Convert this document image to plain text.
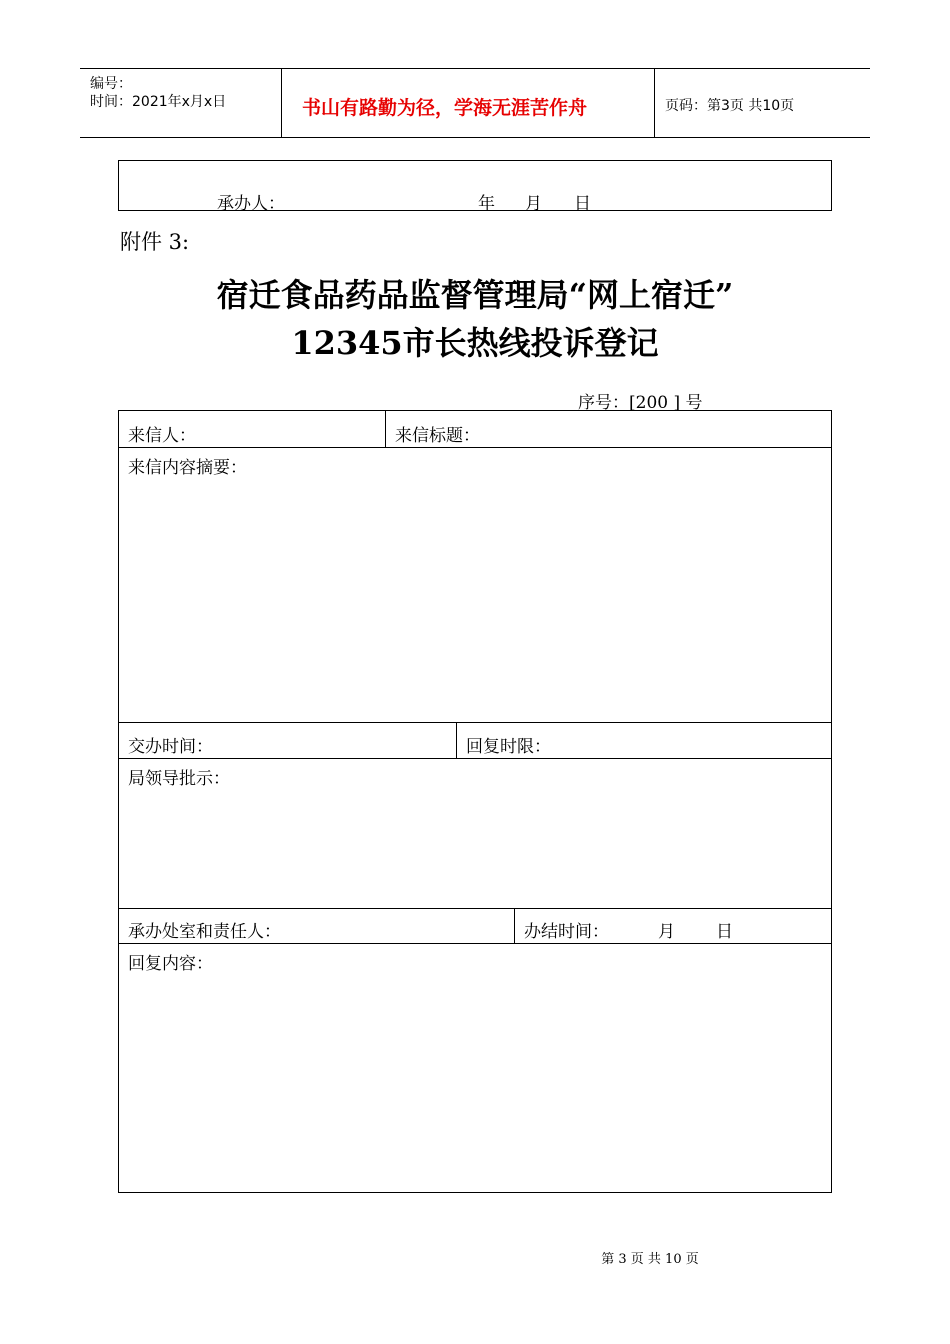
编号：
时间：2021年x月x日	书山有路勤为径，学海无涯苦作舟	页码：第3页 共10页
承办人：	年 月 日
附件 3:
宿迁食品药品监督管理局“网上宿迁”
12345市长热线投诉登记
序号：[200 ] 号
来信人：	来信标题：
来信内容摘要：
交办时间：	回复时限：
局领导批示：
承办处室和责任人：	办结时间：	月 日
回复内容：
第 3 页 共 10 页
